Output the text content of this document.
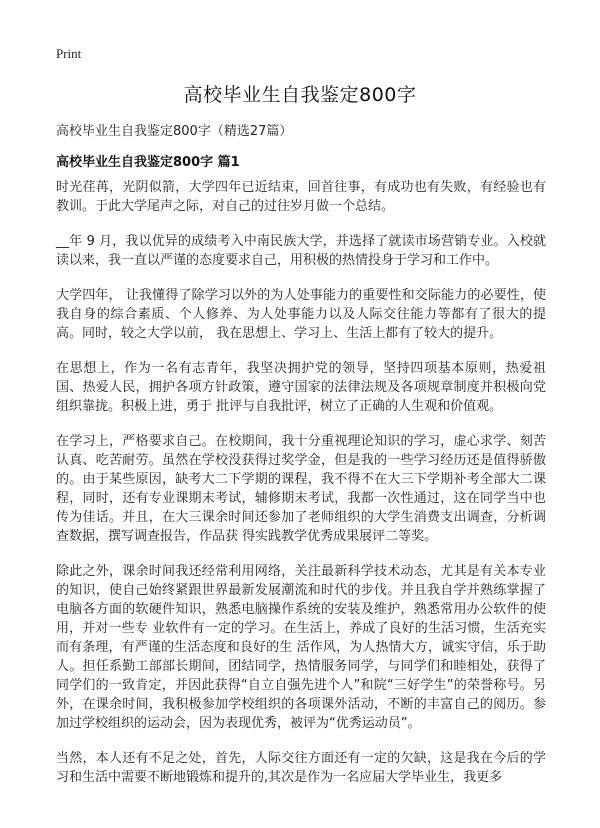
Print
高校毕业生自我鉴定800字

高校毕业生自我鉴定800字（精选27篇）

高校毕业生自我鉴定800字 篇1

时光荏苒，光阴似箭，大学四年已近结束，回首往事，有成功也有失败，有经验也有 教训。于此大学尾声之际，对自己的过往岁月做一个总结。

__年 9 月，我以优异的成绩考入中南民族大学，并选择了就读市场营销专业。入校就读以来，我一直以严谨的态度要求自己，用积极的热情投身于学习和工作中。

大学四年， 让我懂得了除学习以外的为人处事能力的重要性和交际能力的必要性，使我自身的综合素质、个人修养、为人处事能力以及人际交往能力等都有了很大的提高。同时，较之大学以前， 我在思想上、学习上、生活上都有了较大的提升。

在思想上，作为一名有志青年，我坚决拥护党的领导，坚持四项基本原则，热爱祖国、热爱人民，拥护各项方针政策，遵守国家的法律法规及各项规章制度并积极向党组织靠拢。积极上进，勇于 批评与自我批评，树立了正确的人生观和价值观。

在学习上，严格要求自己。在校期间，我十分重视理论知识的学习，虚心求学、刻苦认真、吃苦耐劳。虽然在学校没获得过奖学金，但是我的一些学习经历还是值得骄傲的。由于某些原因，缺考大二下学期的课程，我不得不在大三下学期补考全部大二课程，同时，还有专业课期末考试，辅修期末考试，我都一次性通过，这在同学当中也传为佳话。并且，在大三课余时间还参加了老师组织的大学生消费支出调查，分析调查数据，撰写调查报告，作品获 得实践教学优秀成果展评二等奖。

除此之外，课余时间我还经常利用网络，关注最新科学技术动态，尤其是有关本专业的知识，使自己始终紧跟世界最新发展潮流和时代的步伐。并且我自学并熟练掌握了电脑各方面的软硬件知识，熟悉电脑操作系统的安装及维护，熟悉常用办公软件的使用，并对一些专 业软件有一定的学习。在生活上，养成了良好的生活习惯，生活充实而有条理，有严谨的生活态度和良好的生 活作风，为人热情大方，诚实守信，乐于助人。担任系勤工部部长期间，团结同学，热情服务同学，与同学们和睦相处，获得了同学们的一致肯定，并因此获得“自立自强先进个人”和院“三好学生”的荣誉称号。另外，在课余时间，我积极参加学校组织的各项课外活动，不断的丰富自己的阅历。参加过学校组织的运动会，因为表现优秀，被评为“优秀运动员”。

当然，本人还有不足之处，首先，人际交往方面还有一定的欠缺，这是我在今后的学习和生活中需要不断地锻炼和提升的,其次是作为一名应届大学毕业生，我更多
